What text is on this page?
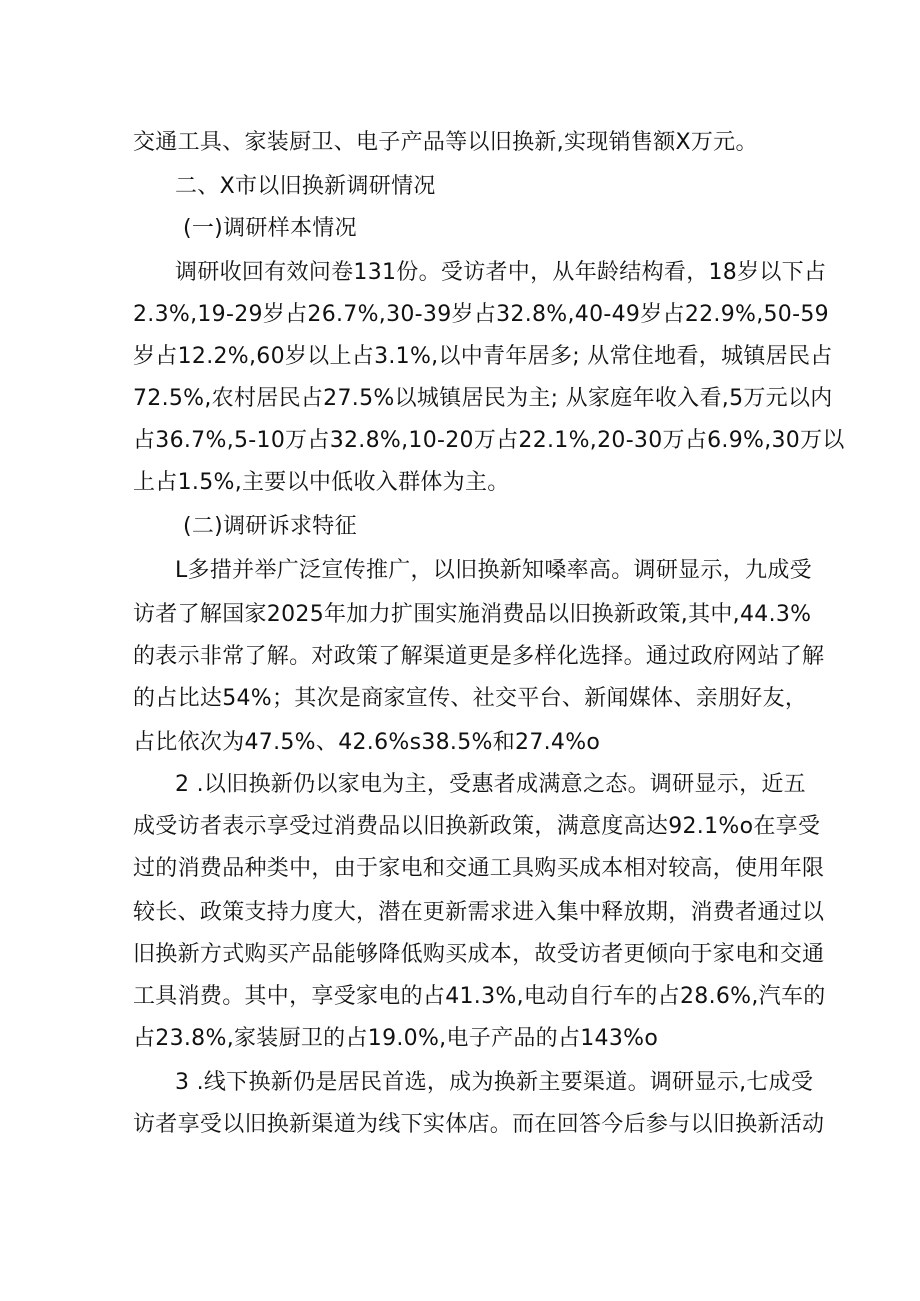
交通工具、家装厨卫、电子产品等以旧换新,实现销售额X万元。
二、X市以旧换新调研情况
(一)调研样本情况
调研收回有效问卷131份。受访者中，从年龄结构看，18岁以下占
2.3%,19-29岁占26.7%,30-39岁占32.8%,40-49岁占22.9%,50-59
岁占12.2%,60岁以上占3.1%,以中青年居多; 从常住地看，城镇居民占
72.5%,农村居民占27.5%以城镇居民为主; 从家庭年收入看,5万元以内
占36.7%,5-10万占32.8%,10-20万占22.1%,20-30万占6.9%,30万以
上占1.5%,主要以中低收入群体为主。
(二)调研诉求特征
L多措并举广泛宣传推广，以旧换新知嗓率高。调研显示，九成受
访者了解国家2025年加力扩围实施消费品以旧换新政策,其中,44.3%
的表示非常了解。对政策了解渠道更是多样化选择。通过政府网站了解
的占比达54%；其次是商家宣传、社交平台、新闻媒体、亲朋好友，
占比依次为47.5%、42.6%s38.5%和27.4%o
2 .以旧换新仍以家电为主，受惠者成满意之态。调研显示，近五
成受访者表示享受过消费品以旧换新政策，满意度高达92.1%o在享受
过的消费品种类中，由于家电和交通工具购买成本相对较高，使用年限
较长、政策支持力度大，潜在更新需求进入集中释放期，消费者通过以
旧换新方式购买产品能够降低购买成本，故受访者更倾向于家电和交通
工具消费。其中，享受家电的占41.3%,电动自行车的占28.6%,汽车的
占23.8%,家装厨卫的占19.0%,电子产品的占143%o
3 .线下换新仍是居民首选，成为换新主要渠道。调研显示,七成受
访者享受以旧换新渠道为线下实体店。而在回答今后参与以旧换新活动
